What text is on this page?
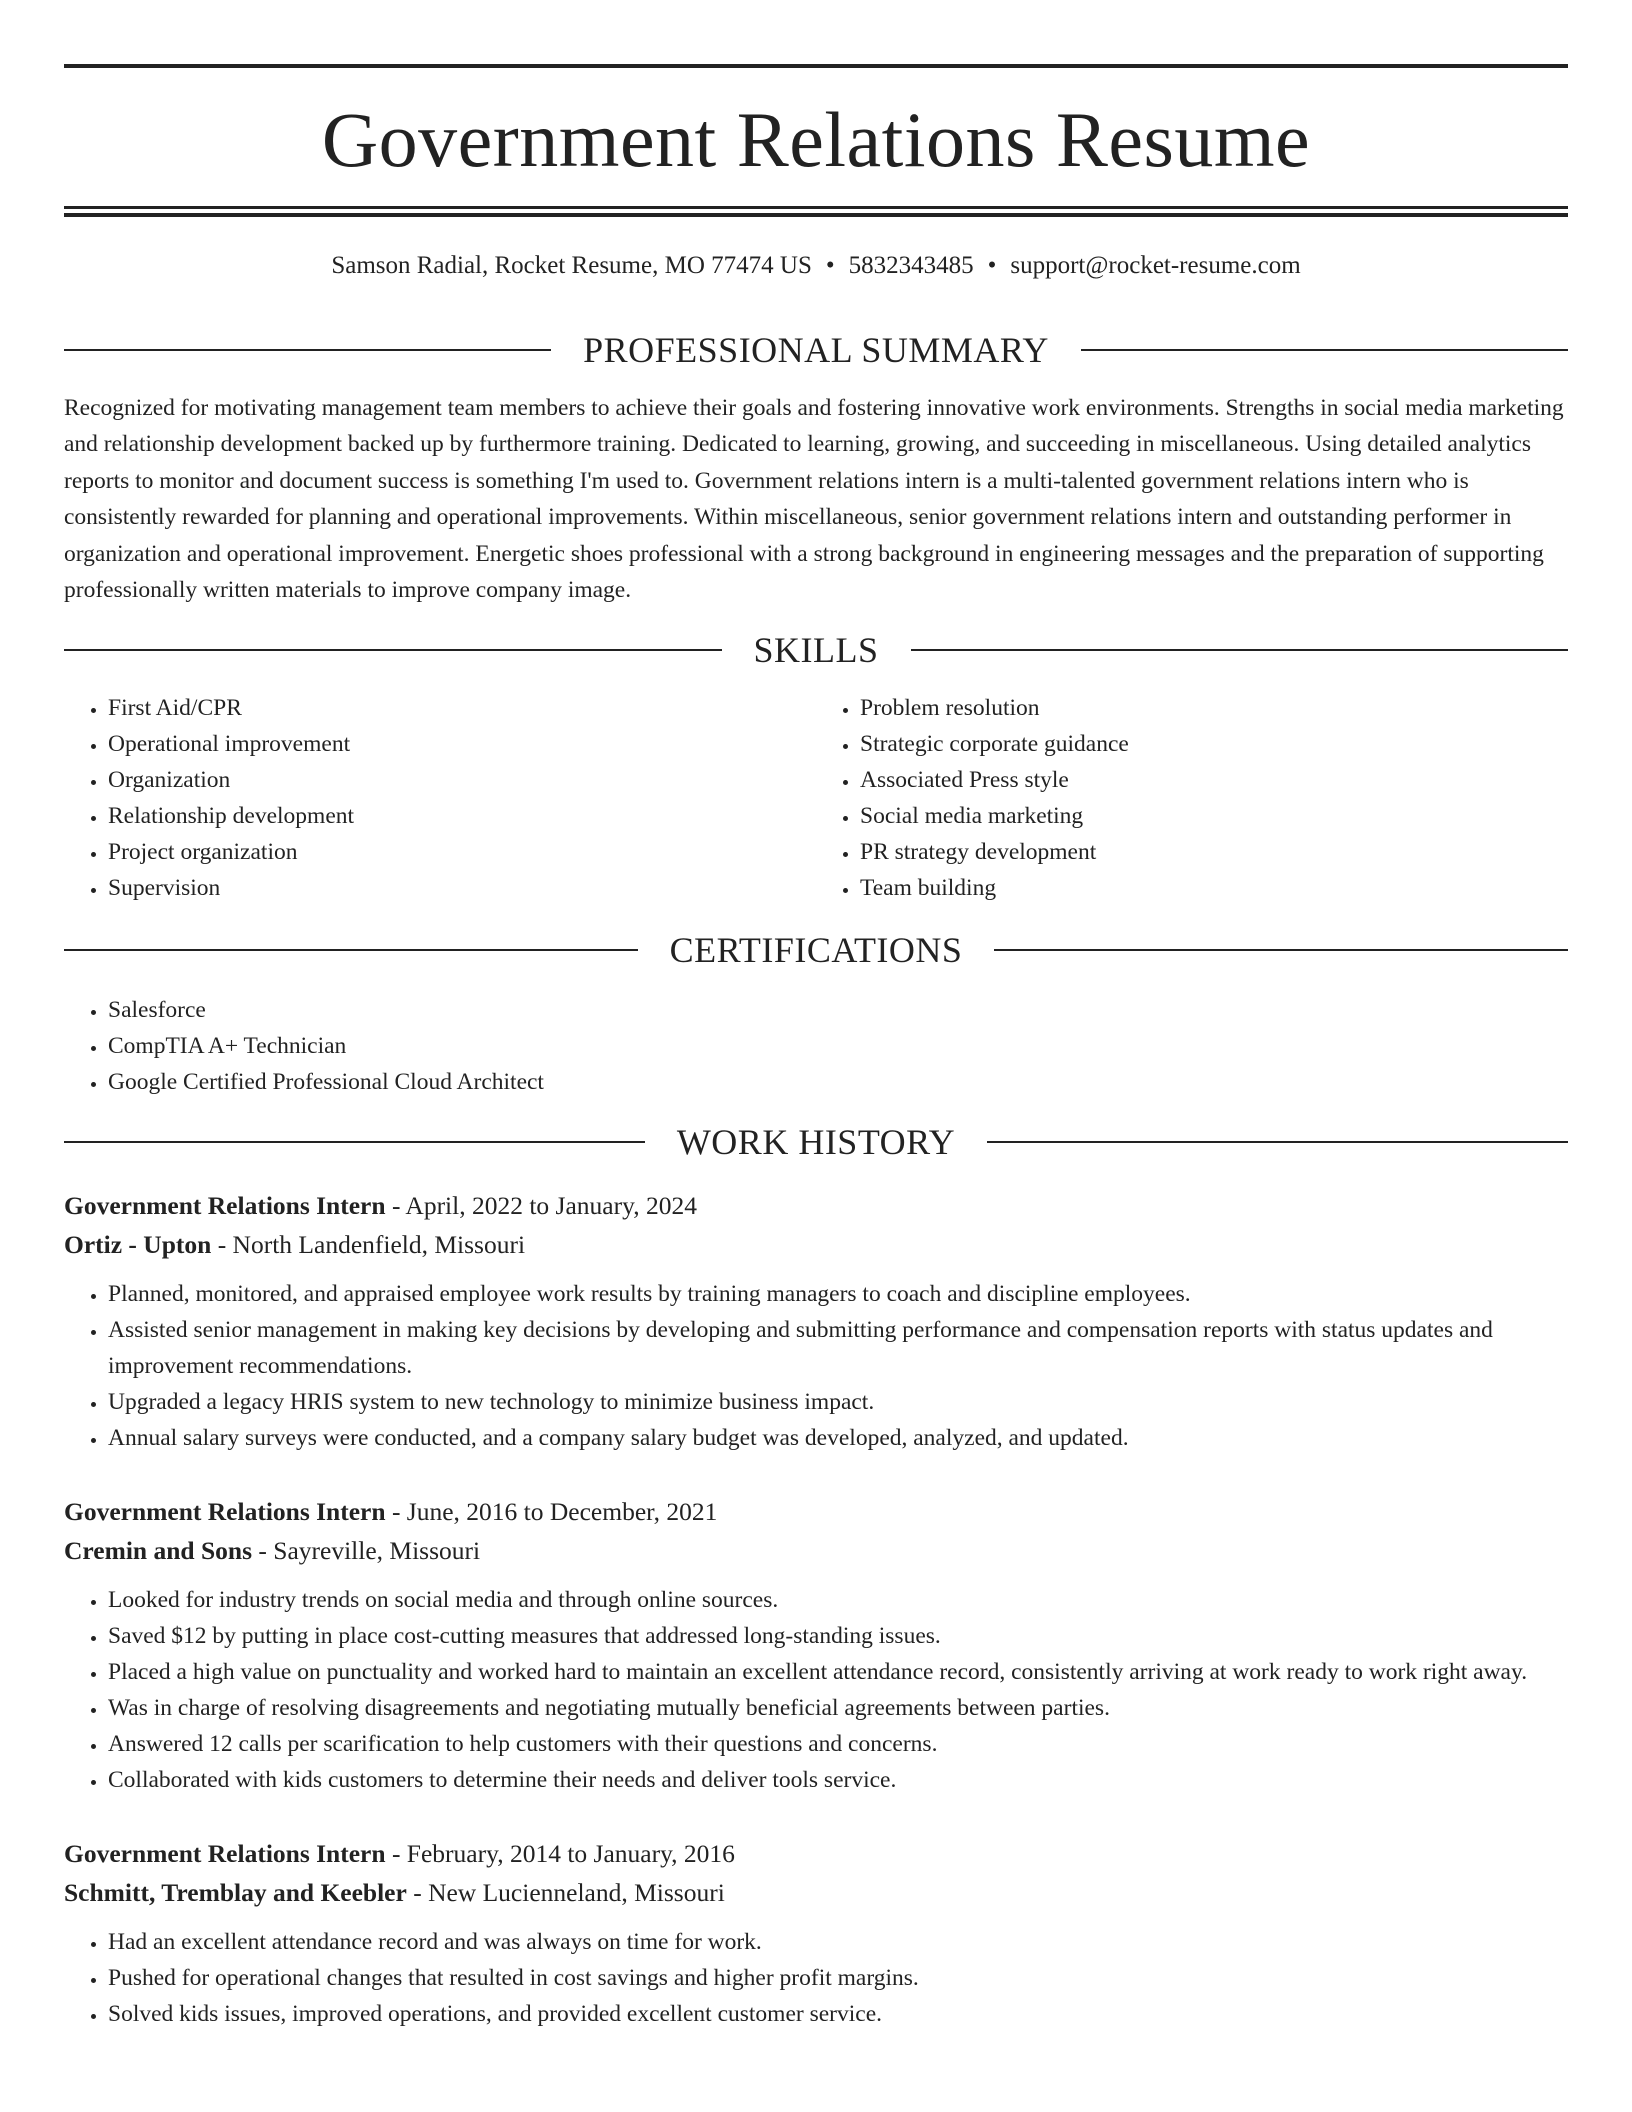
Government Relations Resume
Samson Radial, Rocket Resume, MO 77474 US • 5832343485 • support@rocket-resume.com
PROFESSIONAL SUMMARY
Recognized for motivating management team members to achieve their goals and fostering innovative work environments. Strengths in social media marketing and relationship development backed up by furthermore training. Dedicated to learning, growing, and succeeding in miscellaneous. Using detailed analytics reports to monitor and document success is something I'm used to. Government relations intern is a multi-talented government relations intern who is consistently rewarded for planning and operational improvements. Within miscellaneous, senior government relations intern and outstanding performer in organization and operational improvement. Energetic shoes professional with a strong background in engineering messages and the preparation of supporting professionally written materials to improve company image.
SKILLS
• First Aid/CPR
• Operational improvement
• Organization
• Relationship development
• Project organization
• Supervision
• Problem resolution
• Strategic corporate guidance
• Associated Press style
• Social media marketing
• PR strategy development
• Team building
CERTIFICATIONS
• Salesforce
• CompTIA A+ Technician
• Google Certified Professional Cloud Architect
WORK HISTORY
Government Relations Intern - April, 2022 to January, 2024
Ortiz - Upton - North Landenfield, Missouri
• Planned, monitored, and appraised employee work results by training managers to coach and discipline employees.
• Assisted senior management in making key decisions by developing and submitting performance and compensation reports with status updates and improvement recommendations.
• Upgraded a legacy HRIS system to new technology to minimize business impact.
• Annual salary surveys were conducted, and a company salary budget was developed, analyzed, and updated.
Government Relations Intern - June, 2016 to December, 2021
Cremin and Sons - Sayreville, Missouri
• Looked for industry trends on social media and through online sources.
• Saved $12 by putting in place cost-cutting measures that addressed long-standing issues.
• Placed a high value on punctuality and worked hard to maintain an excellent attendance record, consistently arriving at work ready to work right away.
• Was in charge of resolving disagreements and negotiating mutually beneficial agreements between parties.
• Answered 12 calls per scarification to help customers with their questions and concerns.
• Collaborated with kids customers to determine their needs and deliver tools service.
Government Relations Intern - February, 2014 to January, 2016
Schmitt, Tremblay and Keebler - New Lucienneland, Missouri
• Had an excellent attendance record and was always on time for work.
• Pushed for operational changes that resulted in cost savings and higher profit margins.
• Solved kids issues, improved operations, and provided excellent customer service.
